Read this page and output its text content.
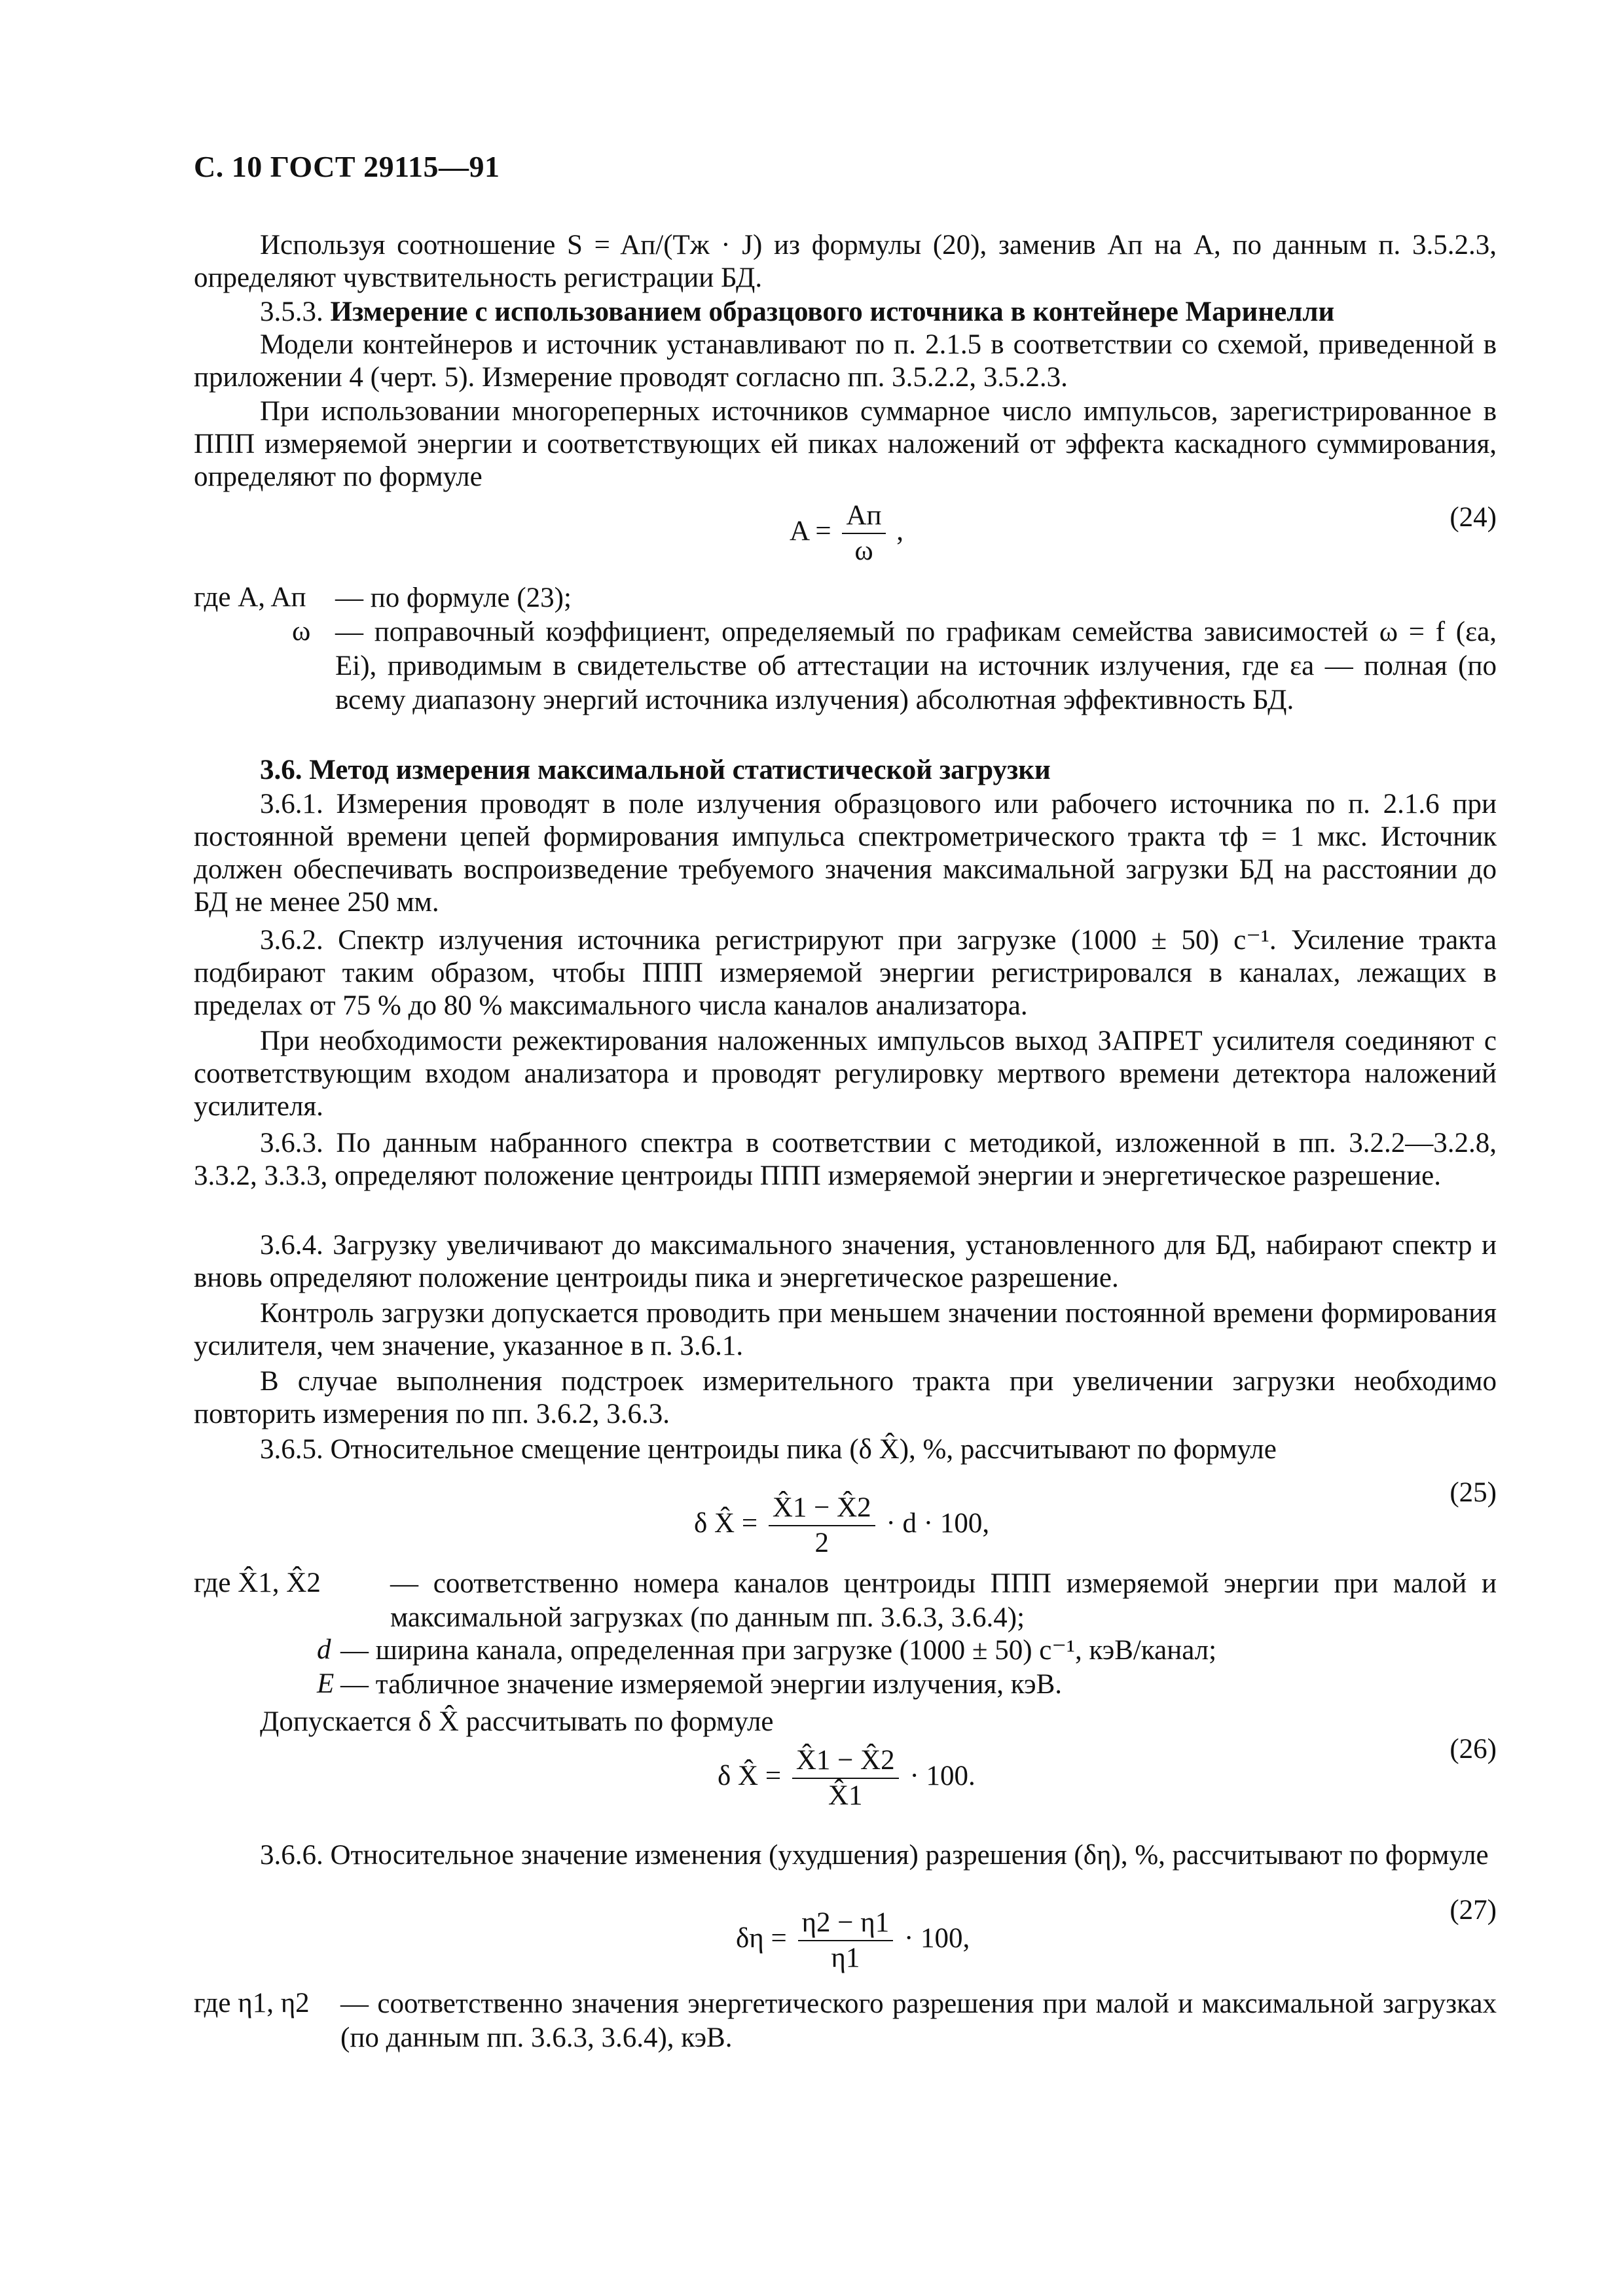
С. 10 ГОСТ 29115—91
Используя соотношение S = Aп/(Tж · J) из формулы (20), заменив Aп на A, по данным п. 3.5.2.3, определяют чувствительность регистрации БД.
3.5.3. Измерение с использованием образцового источника в контейнере Маринелли
Модели контейнеров и источник устанавливают по п. 2.1.5 в соответствии со схемой, приведенной в приложении 4 (черт. 5). Измерение проводят согласно пп. 3.5.2.2, 3.5.2.3.
При использовании многореперных источников суммарное число импульсов, зарегистрированное в ППП измеряемой энергии и соответствующих ей пиках наложений от эффекта каскадного суммирования, определяют по формуле
$A = \frac{Aп}{\omega}$ ,	(24)
где A, Aп — по формуле (23);
ω — поправочный коэффициент, определяемый по графикам семейства зависимостей ω = f (εа, Ei), приводимым в свидетельстве об аттестации на источник излучения, где εа — полная (по всему диапазону энергий источника излучения) абсолютная эффективность БД.
3.6. Метод измерения максимальной статистической загрузки
3.6.1. Измерения проводят в поле излучения образцового или рабочего источника по п. 2.1.6 при постоянной времени цепей формирования импульса спектрометрического тракта τф = 1 мкс. Источник должен обеспечивать воспроизведение требуемого значения максимальной загрузки БД на расстоянии до БД не менее 250 мм.
3.6.2. Спектр излучения источника регистрируют при загрузке (1000 ± 50) с⁻¹. Усиление тракта подбирают таким образом, чтобы ППП измеряемой энергии регистрировался в каналах, лежащих в пределах от 75 % до 80 % максимального числа каналов анализатора.
При необходимости режектирования наложенных импульсов выход ЗАПРЕТ усилителя соединяют с соответствующим входом анализатора и проводят регулировку мертвого времени детектора наложений усилителя.
3.6.3. По данным набранного спектра в соответствии с методикой, изложенной в пп. 3.2.2—3.2.8, 3.3.2, 3.3.3, определяют положение центроиды ППП измеряемой энергии и энергетическое разрешение.
3.6.4. Загрузку увеличивают до максимального значения, установленного для БД, набирают спектр и вновь определяют положение центроиды пика и энергетическое разрешение.
Контроль загрузки допускается проводить при меньшем значении постоянной времени формирования усилителя, чем значение, указанное в п. 3.6.1.
В случае выполнения подстроек измерительного тракта при увеличении загрузки необходимо повторить измерения по пп. 3.6.2, 3.6.3.
3.6.5. Относительное смещение центроиды пика (δ X̂), %, рассчитывают по формуле
δ X̂ = $\frac{X̂1 - X̂2}{2} \cdot d \cdot 100$,
(25)
где X̂1, X̂2 — соответственно номера каналов центроиды ППП измеряемой энергии при малой и максимальной загрузках (по данным пп. 3.6.3, 3.6.4);
d — ширина канала, определенная при загрузке (1000 ± 50) с⁻¹, кэВ/канал;
E — табличное значение измеряемой энергии излучения, кэВ.
Допускается δ X̂ рассчитывать по формуле
δ X̂ = $\frac{X̂1 - X̂2}{X̂1} \cdot 100$.
(26)
3.6.6. Относительное значение изменения (ухудшения) разрешения (δη), %, рассчитывают по формуле
$\delta\eta = \frac{\eta 2 - \eta 1}{\eta 1} \cdot 100$,
(27)
где η1, η2 — соответственно значения энергетического разрешения при малой и максимальной загрузках (по данным пп. 3.6.3, 3.6.4), кэВ.
